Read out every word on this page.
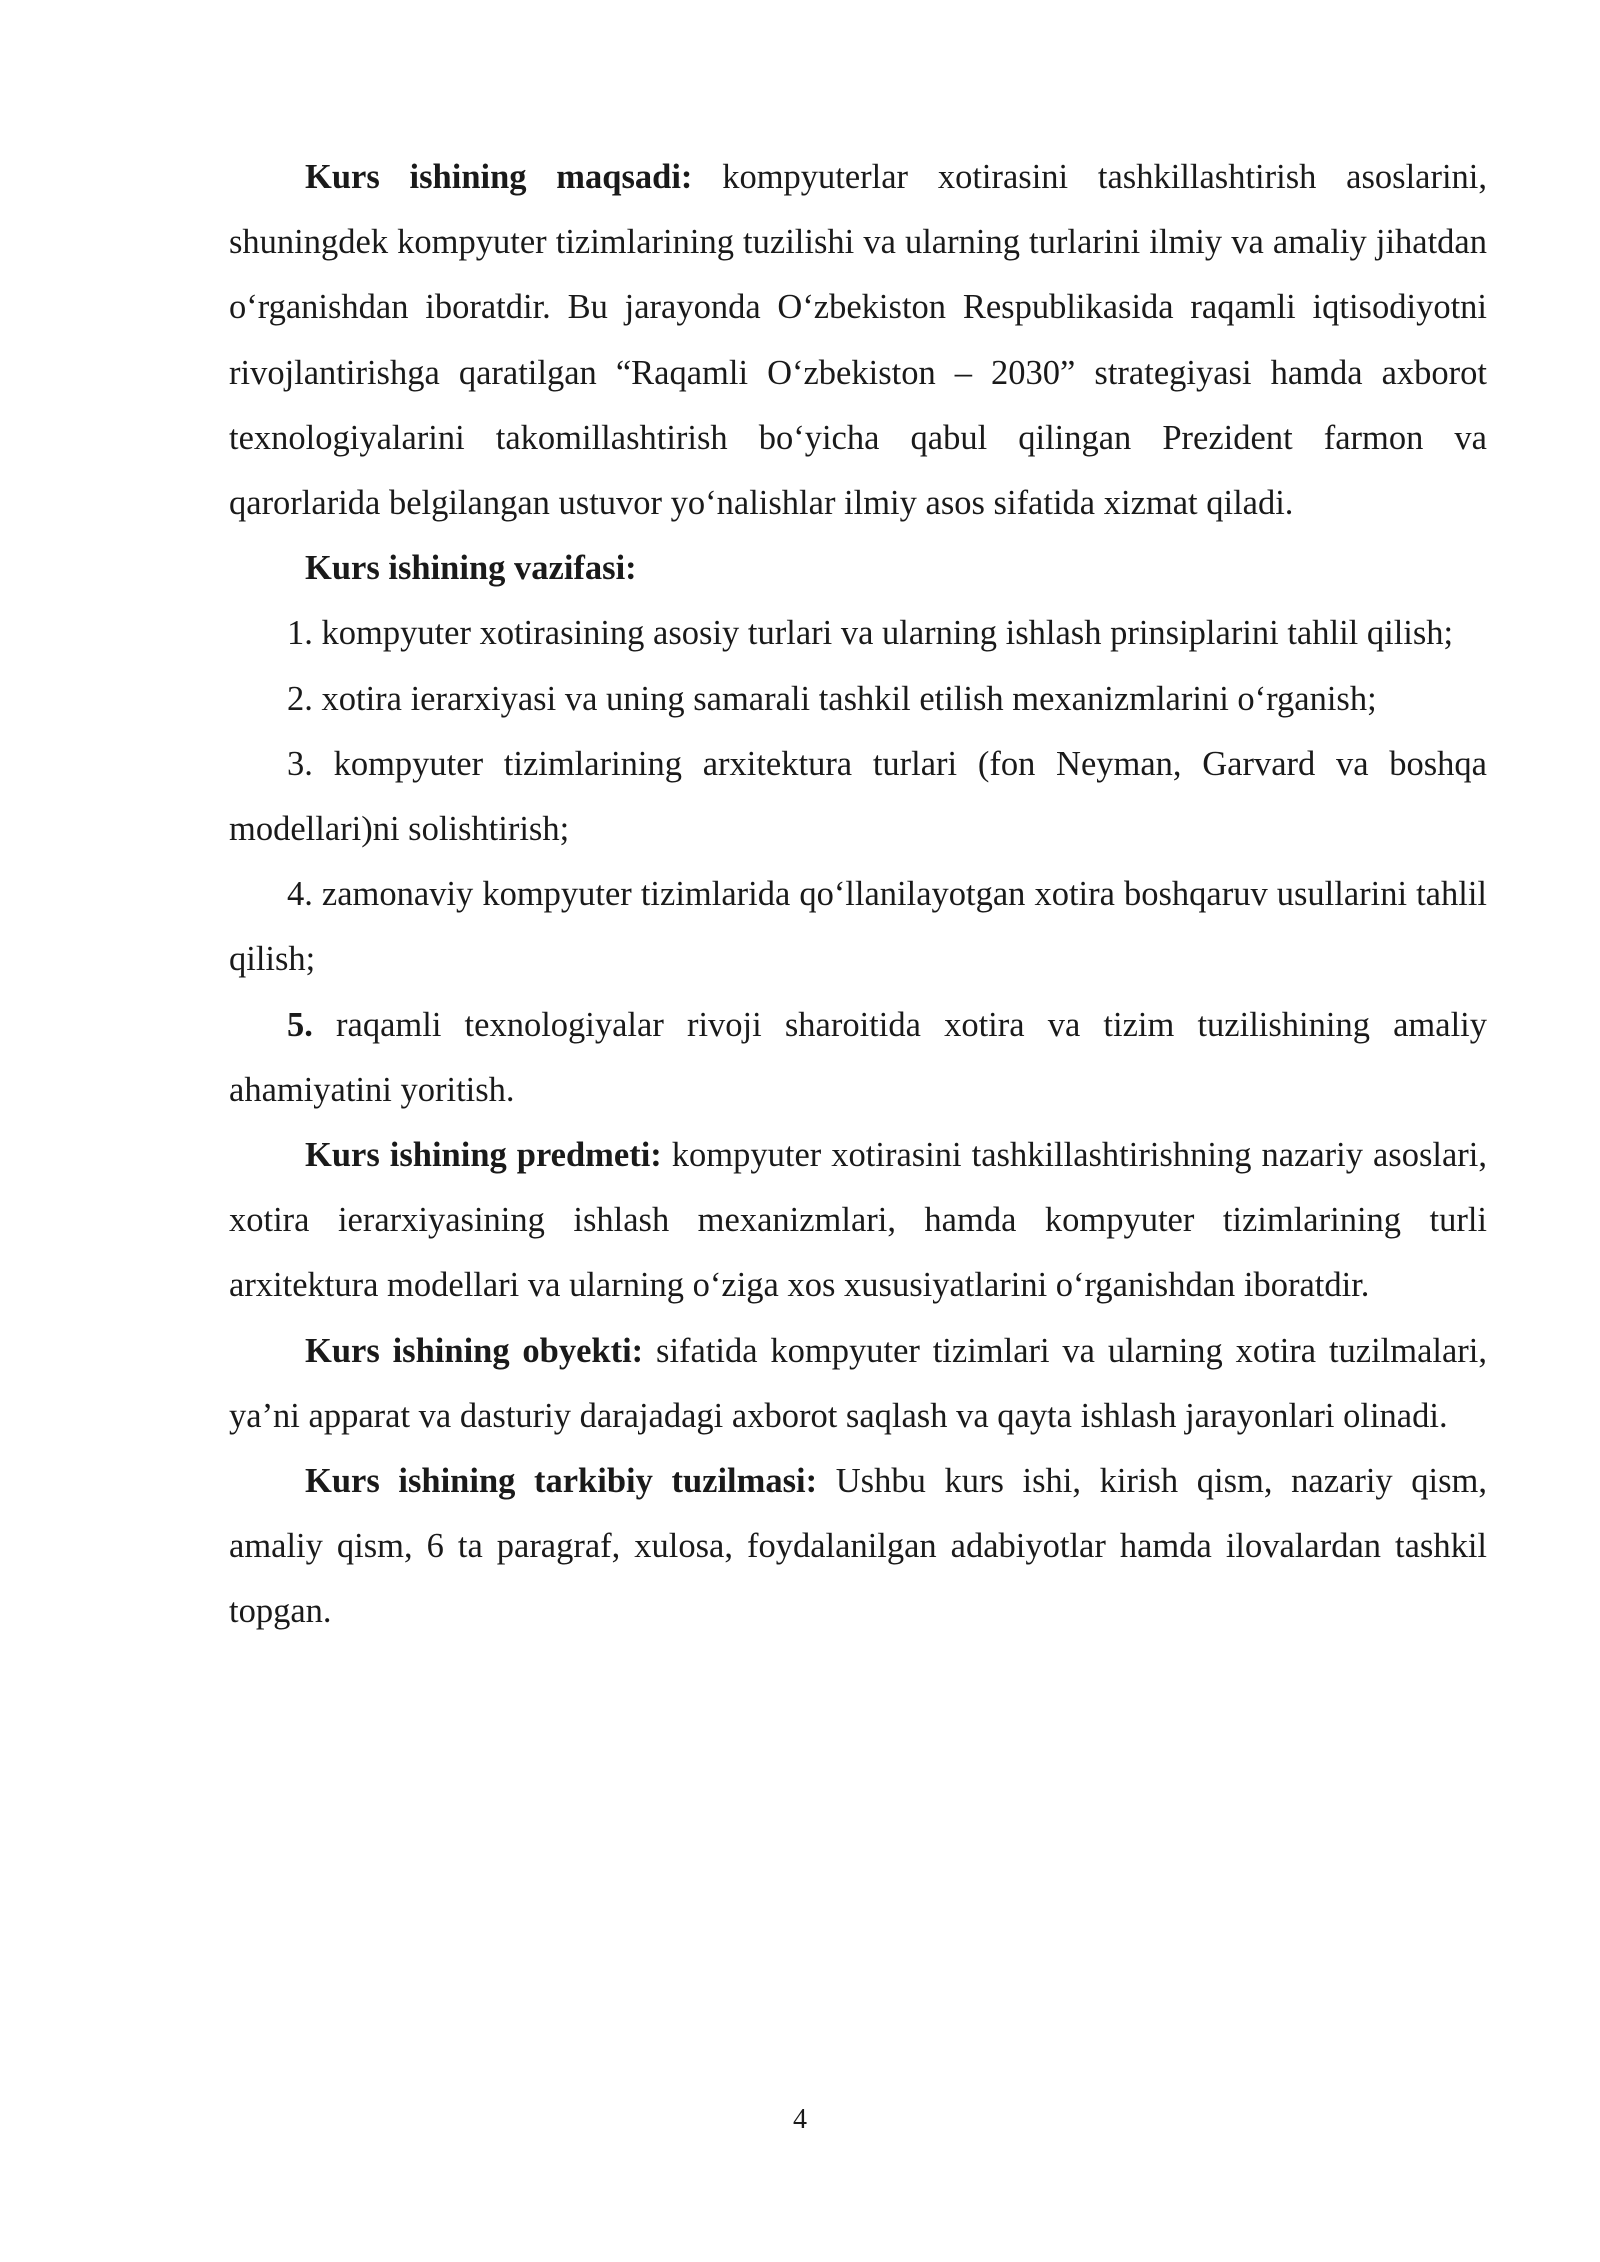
Kurs ishining maqsadi: kompyuterlar xotirasini tashkillashtirish asoslarini, shuningdek kompyuter tizimlarining tuzilishi va ularning turlarini ilmiy va amaliy jihatdan o‘rganishdan iboratdir. Bu jarayonda O‘zbekiston Respublikasida raqamli iqtisodiyotni rivojlantirishga qaratilgan “Raqamli O‘zbekiston – 2030” strategiyasi hamda axborot texnologiyalarini takomillashtirish bo‘yicha qabul qilingan Prezident farmon va qarorlarida belgilangan ustuvor yo‘nalishlar ilmiy asos sifatida xizmat qiladi.

Kurs ishining vazifasi:

1. kompyuter xotirasining asosiy turlari va ularning ishlash prinsiplarini tahlil qilish;

2. xotira ierarxiyasi va uning samarali tashkil etilish mexanizmlarini o‘rganish;

3. kompyuter tizimlarining arxitektura turlari (fon Neyman, Garvard va boshqa modellari)ni solishtirish;

4. zamonaviy kompyuter tizimlarida qo‘llanilayotgan xotira boshqaruv usullarini tahlil qilish;

5. raqamli texnologiyalar rivoji sharoitida xotira va tizim tuzilishining amaliy ahamiyatini yoritish.

Kurs ishining predmeti: kompyuter xotirasini tashkillashtirishning nazariy asoslari, xotira ierarxiyasining ishlash mexanizmlari, hamda kompyuter tizimlarining turli arxitektura modellari va ularning o‘ziga xos xususiyatlarini o‘rganishdan iboratdir.

Kurs ishining obyekti: sifatida kompyuter tizimlari va ularning xotira tuzilmalari, ya’ni apparat va dasturiy darajadagi axborot saqlash va qayta ishlash jarayonlari olinadi.

Kurs ishining tarkibiy tuzilmasi: Ushbu kurs ishi, kirish qism, nazariy qism, amaliy qism, 6 ta paragraf, xulosa, foydalanilgan adabiyotlar hamda ilovalardan tashkil topgan.

4
